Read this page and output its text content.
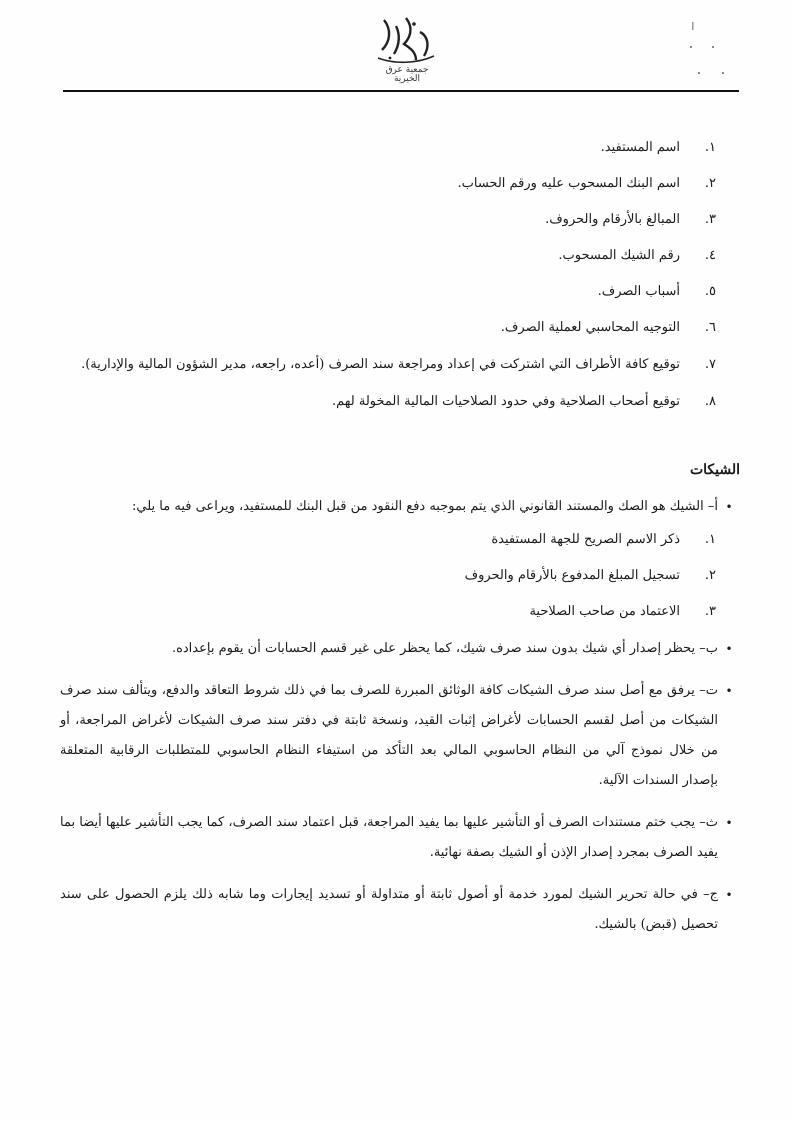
جمعية عرق الخيرية
١.
اسم المستفيد.
٢.
اسم البنك المسحوب عليه ورقم الحساب.
٣.
المبالغ بالأرقام والحروف.
٤.
رقم الشيك المسحوب.
٥.
أسباب الصرف.
٦.
التوجيه المحاسبي لعملية الصرف.
٧.
توقيع كافة الأطراف التي اشتركت في إعداد ومراجعة سند الصرف (أعده، راجعه، مدير الشؤون المالية والإدارية).
٨.
توقيع أصحاب الصلاحية وفي حدود الصلاحيات المالية المخولة لهم.
الشيكات
•
أ– الشيك هو الصك والمستند القانوني الذي يتم بموجبه دفع النقود من قبل البنك للمستفيد، ويراعى فيه ما يلي:
١.
ذكر الاسم الصريح للجهة المستفيدة
٢.
تسجيل المبلغ المدفوع بالأرقام والحروف
٣.
الاعتماد من صاحب الصلاحية
•
ب– يحظر إصدار أي شيك بدون سند صرف شيك، كما يحظر على غير قسم الحسابات أن يقوم بإعداده.
•
ت– يرفق مع أصل سند صرف الشيكات كافة الوثائق المبررة للصرف بما في ذلك شروط التعاقد والدفع، ويتألف سند صرف الشيكات من أصل لقسم الحسابات لأغراض إثبات القيد، ونسخة ثابتة في دفتر سند صرف الشيكات لأغراض المراجعة، أو من خلال نموذج آلي من النظام الحاسوبي المالي بعد التأكد من استيفاء النظام الحاسوبي للمتطلبات الرقابية المتعلقة بإصدار السندات الآلية.
•
ث– يجب ختم مستندات الصرف أو التأشير عليها بما يفيد المراجعة، قبل اعتماد سند الصرف، كما يجب التأشير عليها أيضا بما يفيد الصرف بمجرد إصدار الإذن أو الشيك بصفة نهائية.
•
ج– في حالة تحرير الشيك لمورد خدمة أو أصول ثابتة أو متداولة أو تسديد إيجارات وما شابه ذلك يلزم الحصول على سند تحصيل (قبض) بالشيك.
